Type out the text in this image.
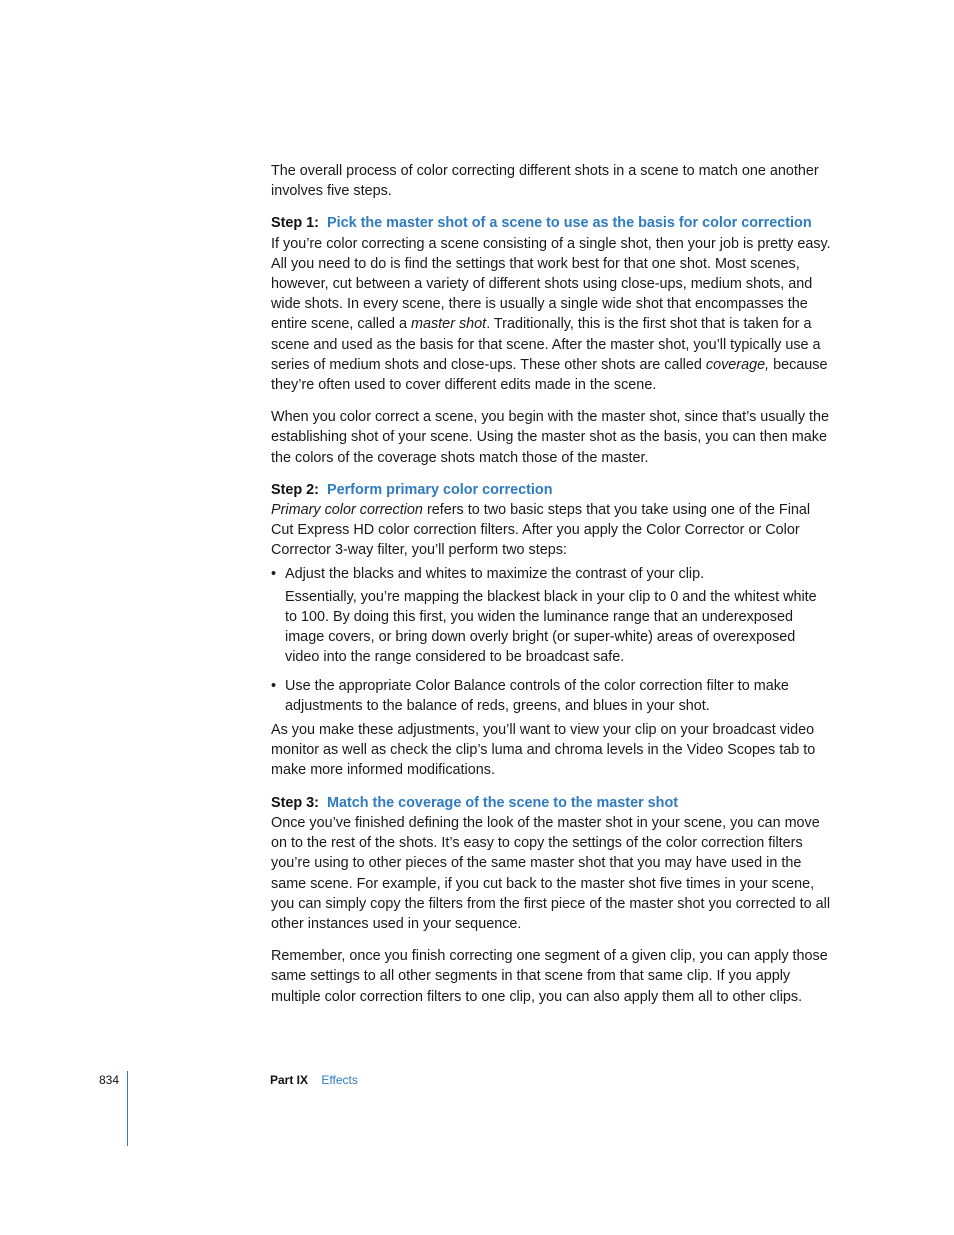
The overall process of color correcting different shots in a scene to match one another involves five steps.

Step 1: Pick the master shot of a scene to use as the basis for color correction

If you’re color correcting a scene consisting of a single shot, then your job is pretty easy. All you need to do is find the settings that work best for that one shot. Most scenes, however, cut between a variety of different shots using close-ups, medium shots, and wide shots. In every scene, there is usually a single wide shot that encompasses the entire scene, called a master shot. Traditionally, this is the first shot that is taken for a scene and used as the basis for that scene. After the master shot, you’ll typically use a series of medium shots and close-ups. These other shots are called coverage, because they’re often used to cover different edits made in the scene.

When you color correct a scene, you begin with the master shot, since that’s usually the establishing shot of your scene. Using the master shot as the basis, you can then make the colors of the coverage shots match those of the master.

Step 2: Perform primary color correction

Primary color correction refers to two basic steps that you take using one of the Final Cut Express HD color correction filters. After you apply the Color Corrector or Color Corrector 3-way filter, you’ll perform two steps:

• Adjust the blacks and whites to maximize the contrast of your clip.

Essentially, you’re mapping the blackest black in your clip to 0 and the whitest white to 100. By doing this first, you widen the luminance range that an underexposed image covers, or bring down overly bright (or super-white) areas of overexposed video into the range considered to be broadcast safe.

• Use the appropriate Color Balance controls of the color correction filter to make adjustments to the balance of reds, greens, and blues in your shot.

As you make these adjustments, you’ll want to view your clip on your broadcast video monitor as well as check the clip’s luma and chroma levels in the Video Scopes tab to make more informed modifications.

Step 3: Match the coverage of the scene to the master shot

Once you’ve finished defining the look of the master shot in your scene, you can move on to the rest of the shots. It’s easy to copy the settings of the color correction filters you’re using to other pieces of the same master shot that you may have used in the same scene. For example, if you cut back to the master shot five times in your scene, you can simply copy the filters from the first piece of the master shot you corrected to all other instances used in your sequence.

Remember, once you finish correcting one segment of a given clip, you can apply those same settings to all other segments in that scene from that same clip. If you apply multiple color correction filters to one clip, you can also apply them all to other clips.

834	Part IX Effects
